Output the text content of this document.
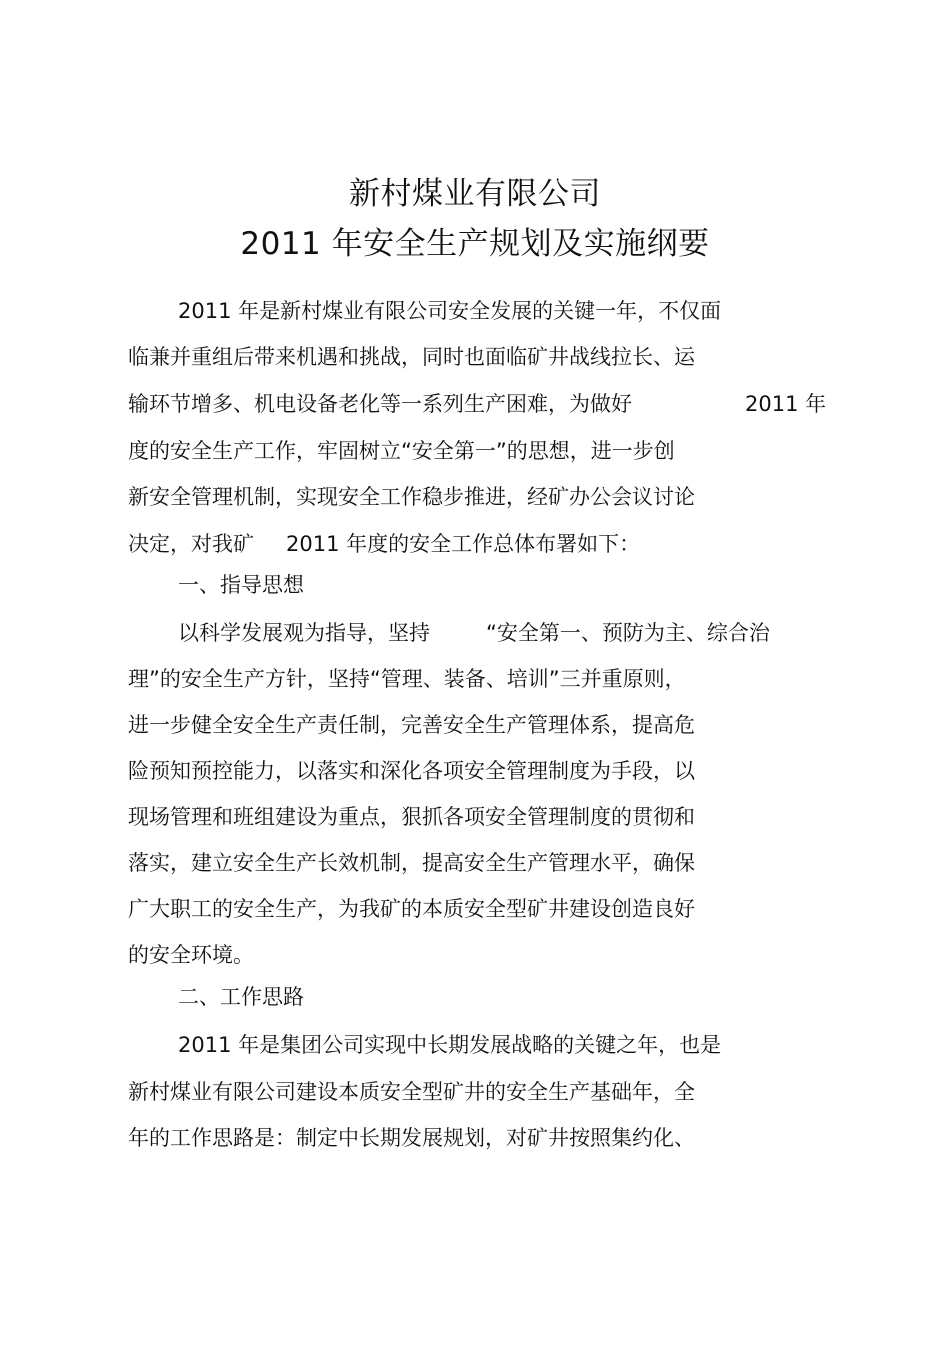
新村煤业有限公司
2011 年安全生产规划及实施纲要
2011 年是新村煤业有限公司安全发展的关键一年，不仅面
临兼并重组后带来机遇和挑战，同时也面临矿井战线拉长、运
输环节增多、机电设备老化等一系列生产困难，为做好	2011 年
度的安全生产工作，牢固树立“安全第一”的思想，进一步创
新安全管理机制，实现安全工作稳步推进，经矿办公会议讨论
决定，对我矿 2011 年度的安全工作总体布署如下：
一、指导思想
以科学发展观为指导，坚持	“安全第一、预防为主、综合治
理”的安全生产方针，坚持“管理、装备、培训”三并重原则，
进一步健全安全生产责任制，完善安全生产管理体系，提高危
险预知预控能力，以落实和深化各项安全管理制度为手段，以
现场管理和班组建设为重点，狠抓各项安全管理制度的贯彻和
落实，建立安全生产长效机制，提高安全生产管理水平，确保
广大职工的安全生产，为我矿的本质安全型矿井建设创造良好
的安全环境。
二、工作思路
2011 年是集团公司实现中长期发展战略的关键之年，也是
新村煤业有限公司建设本质安全型矿井的安全生产基础年，全
年的工作思路是：制定中长期发展规划，对矿井按照集约化、
